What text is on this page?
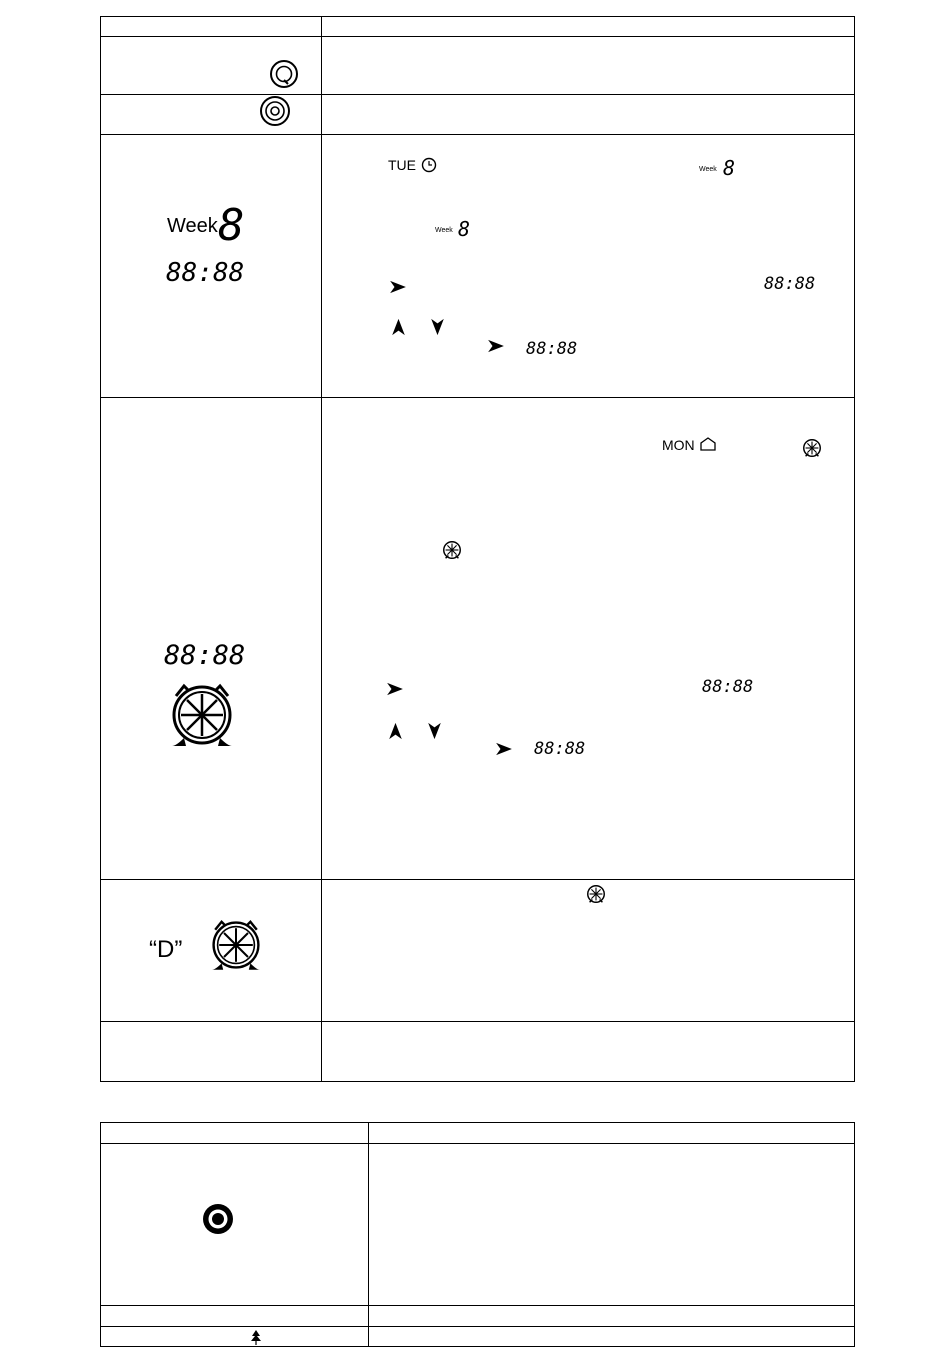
Week 8
88:88
TUE	Week 8
Week 8
88:88
88:88
MON
88:88
88:88
88:88
“D”
